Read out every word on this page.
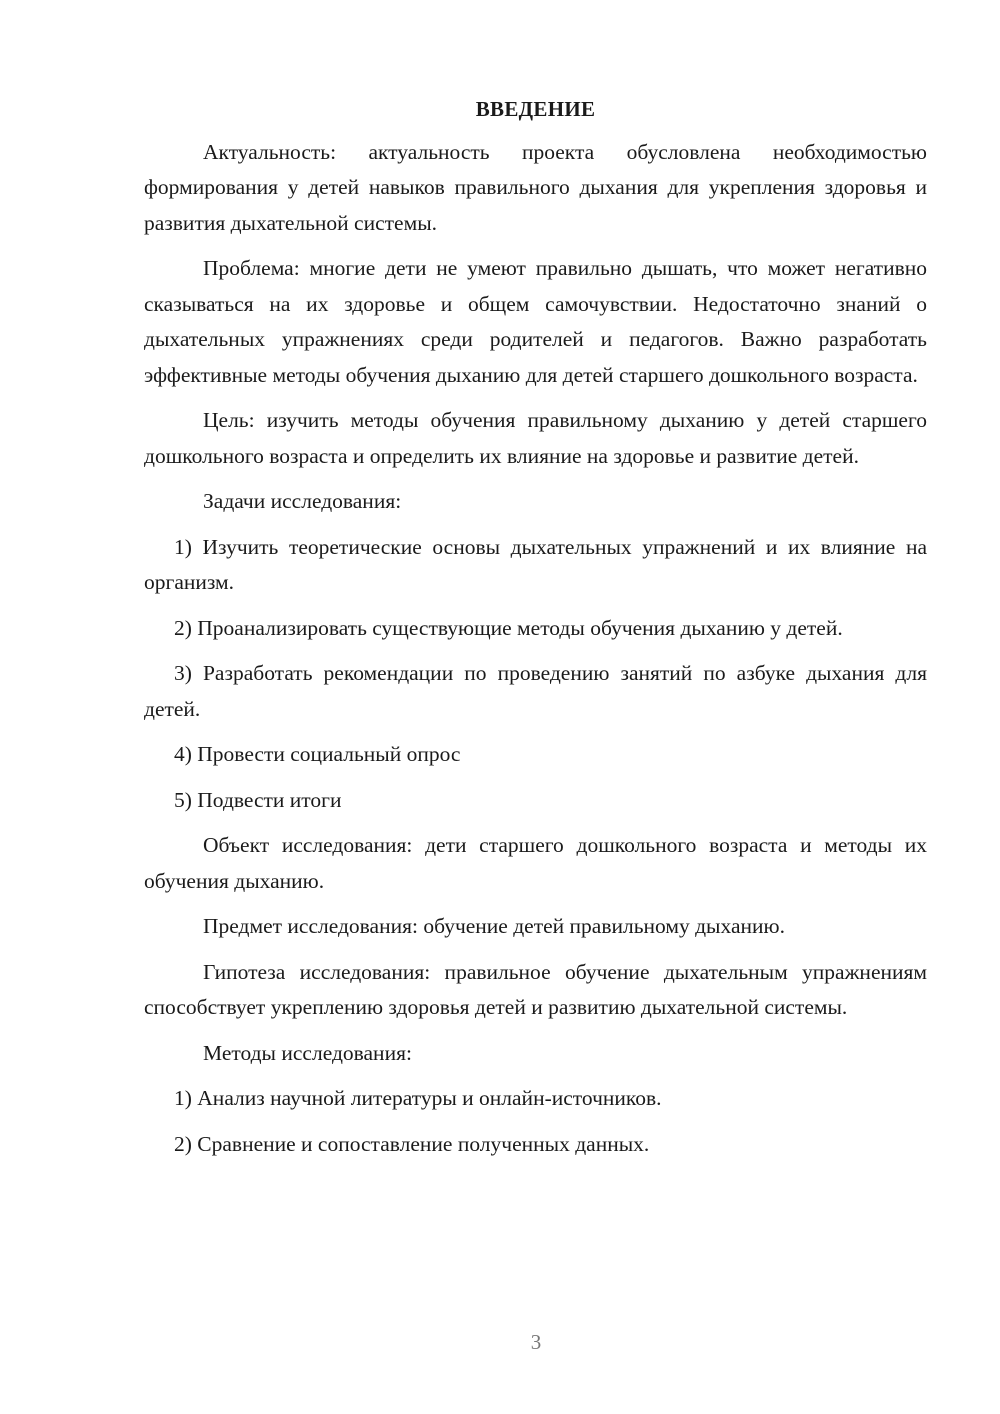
ВВЕДЕНИЕ

Актуальность: актуальность проекта обусловлена необходимостью формирования у детей навыков правильного дыхания для укрепления здоровья и развития дыхательной системы.

Проблема: многие дети не умеют правильно дышать, что может негативно сказываться на их здоровье и общем самочувствии. Недостаточно знаний о дыхательных упражнениях среди родителей и педагогов. Важно разработать эффективные методы обучения дыханию для детей старшего дошкольного возраста.

Цель: изучить методы обучения правильному дыханию у детей старшего дошкольного возраста и определить их влияние на здоровье и развитие детей.

Задачи исследования:

1) Изучить теоретические основы дыхательных упражнений и их влияние на организм.

2) Проанализировать существующие методы обучения дыханию у детей.

3) Разработать рекомендации по проведению занятий по азбуке дыхания для детей.

4) Провести социальный опрос

5) Подвести итоги

Объект исследования: дети старшего дошкольного возраста и методы их обучения дыханию.

Предмет исследования: обучение детей правильному дыханию.

Гипотеза исследования: правильное обучение дыхательным упражнениям способствует укреплению здоровья детей и развитию дыхательной системы.

Методы исследования:

1) Анализ научной литературы и онлайн-источников.

2) Сравнение и сопоставление полученных данных.

3
